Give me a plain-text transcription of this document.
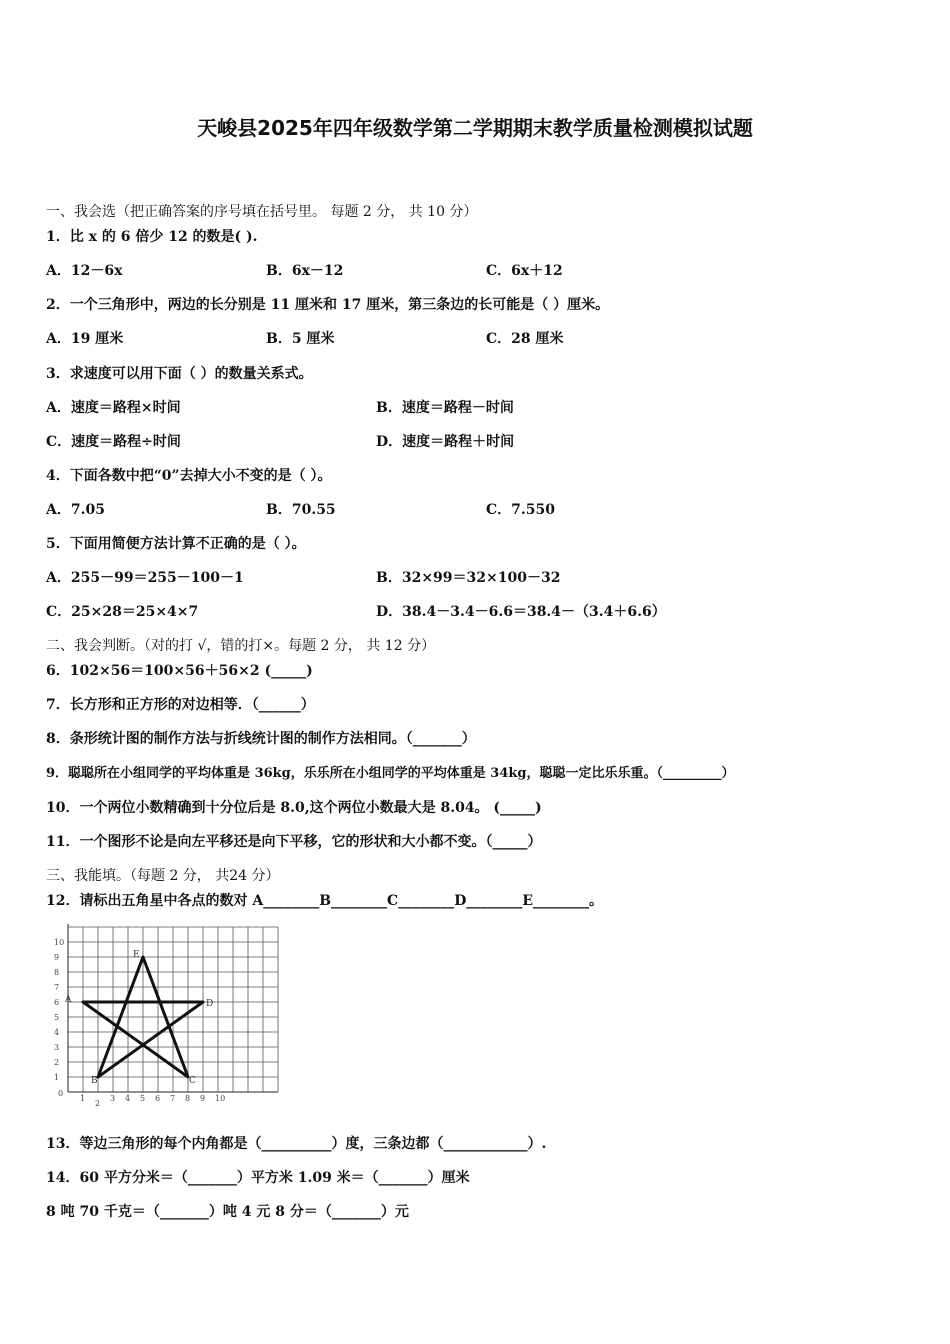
天峻县2025年四年级数学第二学期期末教学质量检测模拟试题
一、我会选（把正确答案的序号填在括号里。 每题 2 分， 共 10 分）
1．比 x 的 6 倍少 12 的数是( ).
A．12－6x	B．6x－12	C．6x＋12
2．一个三角形中，两边的长分别是 11 厘米和 17 厘米，第三条边的长可能是（ ）厘米。
A．19 厘米	B．5 厘米	C．28 厘米
3．求速度可以用下面（ ）的数量关系式。
A．速度＝路程×时间	B．速度＝路程－时间
C．速度＝路程÷时间	D．速度＝路程＋时间
4．下面各数中把“0”去掉大小不变的是（ ）。
A．7.05	B．70.55	C．7.550
5．下面用简便方法计算不正确的是（ ）。
A．255－99＝255－100－1	B．32×99＝32×100－32
C．25×28＝25×4×7	D．38.4－3.4－6.6＝38.4－（3.4＋6.6）
二、我会判断。（对的打 √，错的打×。每题 2 分， 共 12 分）
6．102×56＝100×56＋56×2 (_____)
7．长方形和正方形的对边相等．（______）
8．条形统计图的制作方法与折线统计图的制作方法相同。（_______）
9．聪聪所在小组同学的平均体重是 36kg，乐乐所在小组同学的平均体重是 34kg，聪聪一定比乐乐重。（_________）
10．一个两位小数精确到十分位后是 8.0,这个两位小数最大是 8.04。 (_____)
11．一个图形不论是向左平移还是向下平移，它的形状和大小都不变。（_____）
三、我能填。（每题 2 分， 共24 分）
12．请标出五角星中各点的数对 A________B________C________D________E________。
1
2
3 4 5 6 7 8 9 10
1
2
3
4
5
6
7
8
9
10
0
A
B	C
D
E
13．等边三角形的每个内角都是（__________）度，三条边都（____________）.
14．60 平方分米＝（_______）平方米 1.09 米＝（_______）厘米
8 吨 70 千克＝（_______）吨 4 元 8 分＝（_______）元
